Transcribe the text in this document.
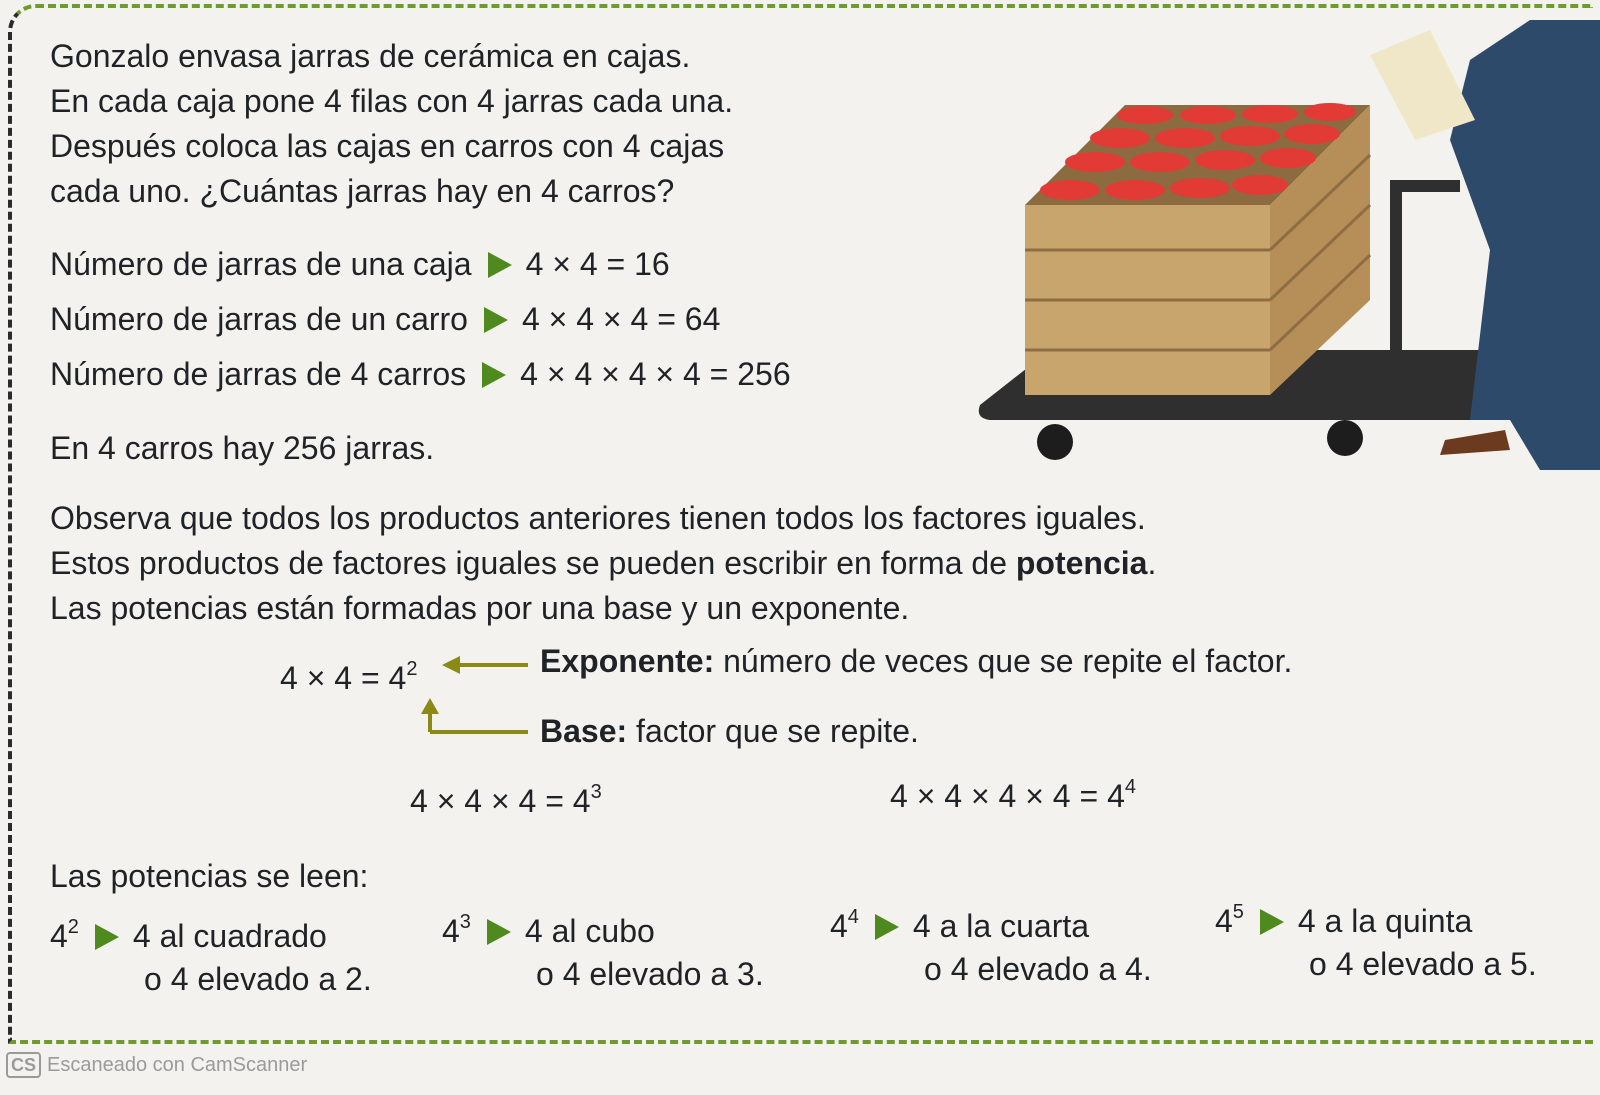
Gonzalo envasa jarras de cerámica en cajas.
En cada caja pone 4 filas con 4 jarras cada una.
Después coloca las cajas en carros con 4 cajas
cada uno. ¿Cuántas jarras hay en 4 carros?
Número de jarras de una caja 4 × 4 = 16
Número de jarras de un carro 4 × 4 × 4 = 64
Número de jarras de 4 carros 4 × 4 × 4 × 4 = 256
En 4 carros hay 256 jarras.
Observa que todos los productos anteriores tienen todos los factores iguales.
Estos productos de factores iguales se pueden escribir en forma de potencia.
Las potencias están formadas por una base y un exponente.
$4 \times 4 = 4^2$	Exponente: número de veces que se repite el factor.
Base: factor que se repite.
$4 \times 4 \times 4 = 4^3$	$4 \times 4 \times 4 \times 4 = 4^4$
Las potencias se leen:
$4^2$ 4 al cuadrado
o 4 elevado a 2.
$4^3$ 4 al cubo
o 4 elevado a 3.
$4^4$ 4 a la cuarta
o 4 elevado a 4.
$4^5$ 4 a la quinta
o 4 elevado a 5.
CS Escaneado con CamScanner
